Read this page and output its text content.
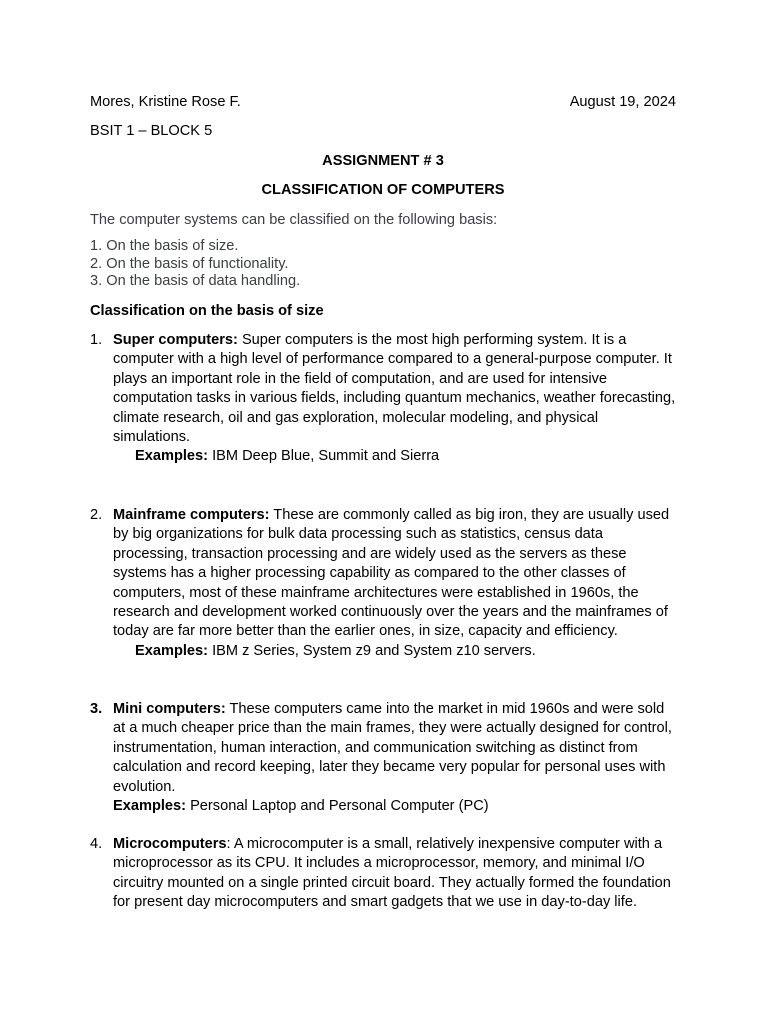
Mores, Kristine Rose F.	August 19, 2024
BSIT 1 – BLOCK 5
ASSIGNMENT # 3
CLASSIFICATION OF COMPUTERS
The computer systems can be classified on the following basis:
1. On the basis of size.
2. On the basis of functionality.
3. On the basis of data handling.
Classification on the basis of size
1. Super computers: Super computers is the most high performing system. It is a computer with a high level of performance compared to a general-purpose computer. It plays an important role in the field of computation, and are used for intensive computation tasks in various fields, including quantum mechanics, weather forecasting, climate research, oil and gas exploration, molecular modeling, and physical simulations.
Examples: IBM Deep Blue, Summit and Sierra
2. Mainframe computers: These are commonly called as big iron, they are usually used by big organizations for bulk data processing such as statistics, census data processing, transaction processing and are widely used as the servers as these systems has a higher processing capability as compared to the other classes of computers, most of these mainframe architectures were established in 1960s, the research and development worked continuously over the years and the mainframes of today are far more better than the earlier ones, in size, capacity and efficiency.
Examples: IBM z Series, System z9 and System z10 servers.
3. Mini computers: These computers came into the market in mid 1960s and were sold at a much cheaper price than the main frames, they were actually designed for control, instrumentation, human interaction, and communication switching as distinct from calculation and record keeping, later they became very popular for personal uses with evolution.
Examples: Personal Laptop and Personal Computer (PC)
4. Microcomputers: A microcomputer is a small, relatively inexpensive computer with a microprocessor as its CPU. It includes a microprocessor, memory, and minimal I/O circuitry mounted on a single printed circuit board. They actually formed the foundation for present day microcomputers and smart gadgets that we use in day-to-day life.
